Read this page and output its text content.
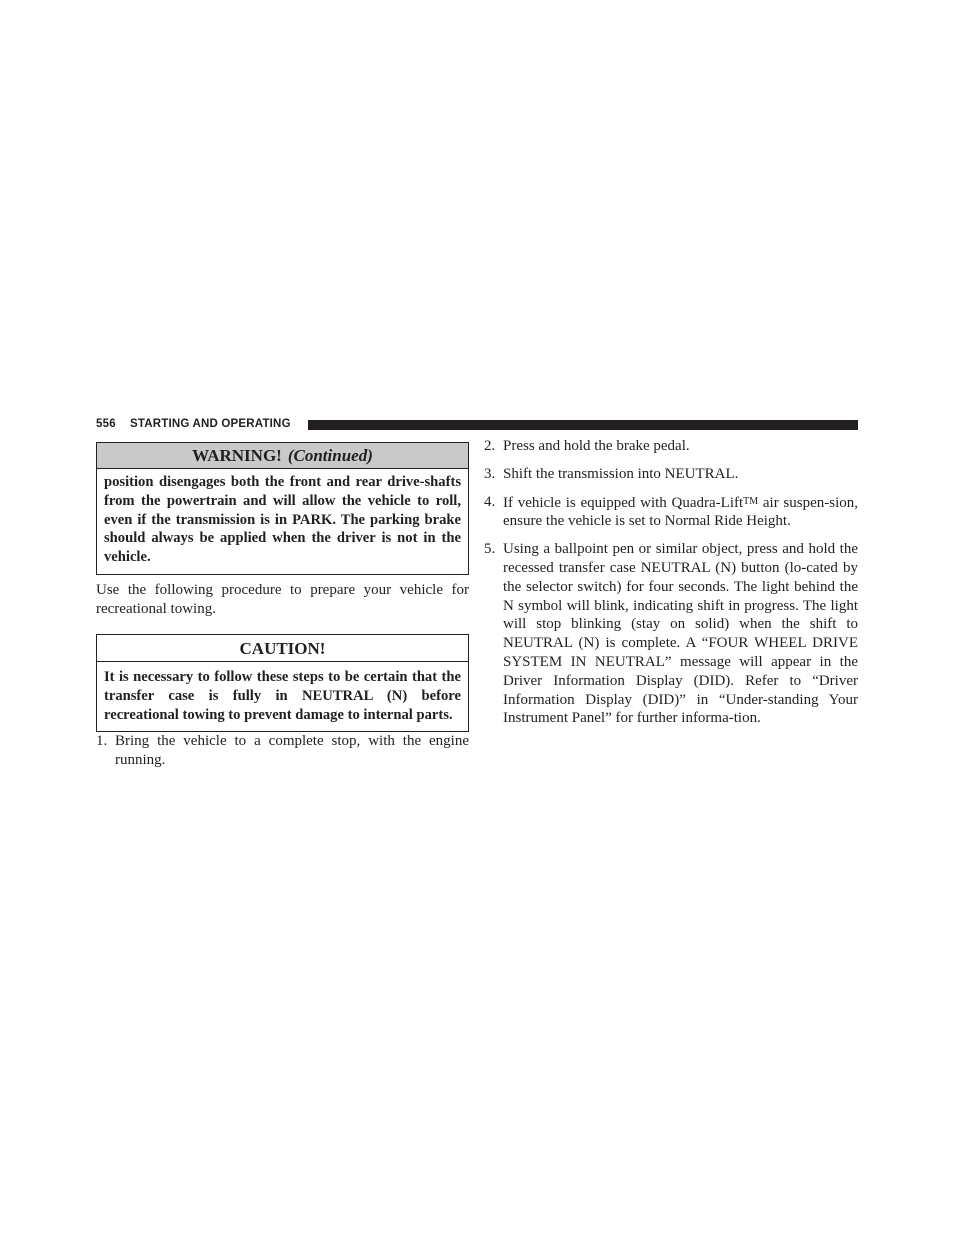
556 STARTING AND OPERATING
WARNING! (Continued)
position disengages both the front and rear drive-shafts from the powertrain and will allow the vehicle to roll, even if the transmission is in PARK. The parking brake should always be applied when the driver is not in the vehicle.
Use the following procedure to prepare your vehicle for recreational towing.
CAUTION!
It is necessary to follow these steps to be certain that the transfer case is fully in NEUTRAL (N) before recreational towing to prevent damage to internal parts.
1. Bring the vehicle to a complete stop, with the engine running.
2. Press and hold the brake pedal.
3. Shift the transmission into NEUTRAL.
4. If vehicle is equipped with Quadra-Lift™ air suspen-sion, ensure the vehicle is set to Normal Ride Height.
5. Using a ballpoint pen or similar object, press and hold the recessed transfer case NEUTRAL (N) button (lo-cated by the selector switch) for four seconds. The light behind the N symbol will blink, indicating shift in progress. The light will stop blinking (stay on solid) when the shift to NEUTRAL (N) is complete. A “FOUR WHEEL DRIVE SYSTEM IN NEUTRAL” message will appear in the Driver Information Display (DID). Refer to “Driver Information Display (DID)” in “Under-standing Your Instrument Panel” for further informa-tion.
